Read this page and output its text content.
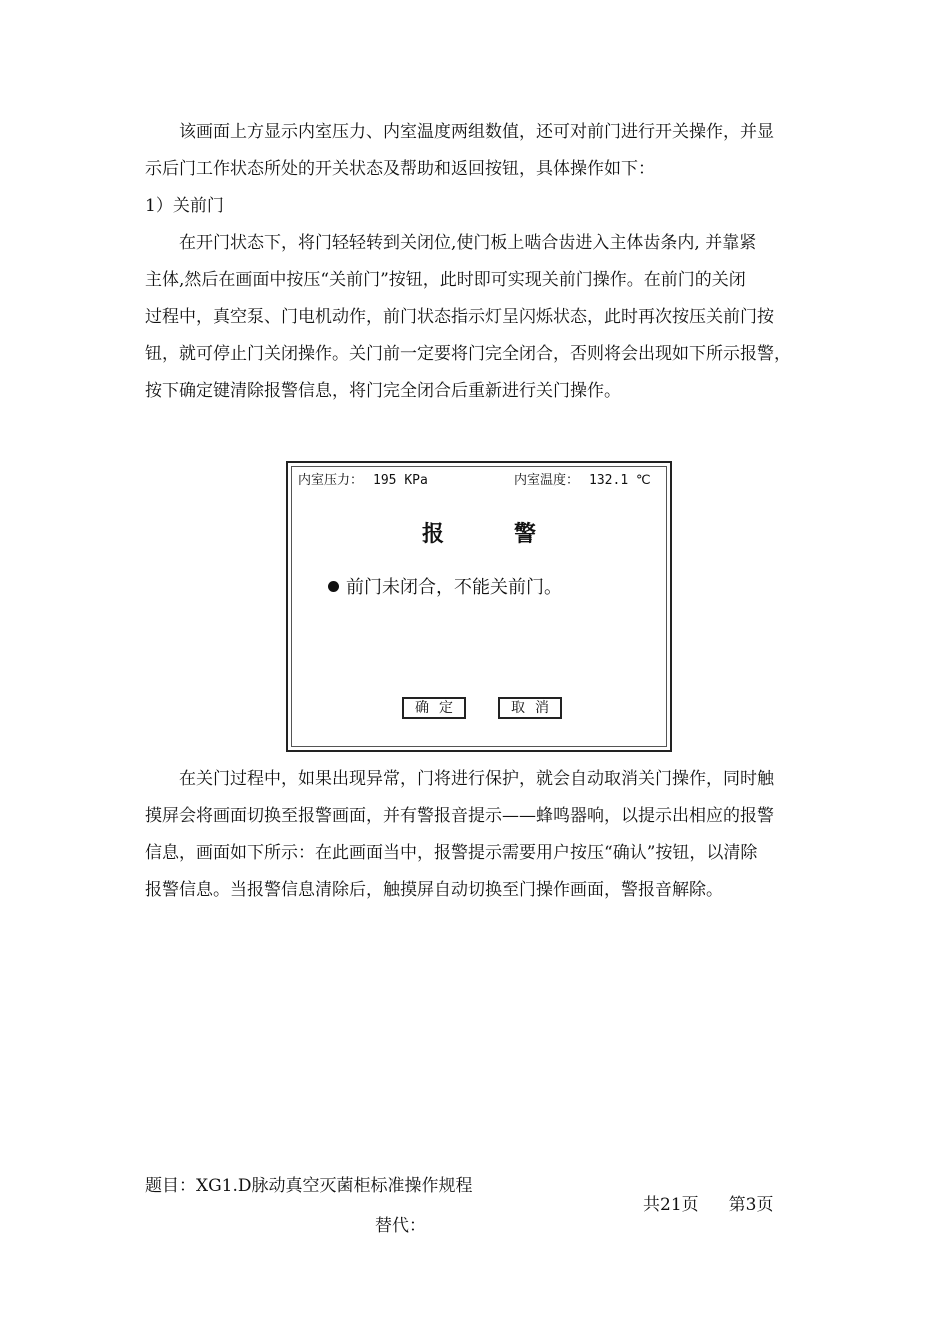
该画面上方显示内室压力、内室温度两组数值，还可对前门进行开关操作，并显
示后门工作状态所处的开关状态及帮助和返回按钮，具体操作如下：
1）关前门
在开门状态下，将门轻轻转到关闭位,使门板上啮合齿进入主体齿条内, 并靠紧
主体,然后在画面中按压“关前门”按钮，此时即可实现关前门操作。在前门的关闭
过程中，真空泵、门电机动作，前门状态指示灯呈闪烁状态，此时再次按压关前门按
钮，就可停止门关闭操作。关门前一定要将门完全闭合，否则将会出现如下所示报警，
按下确定键清除报警信息，将门完全闭合后重新进行关门操作。
内室压力： 195 KPa	内室温度： 132.1 ℃
报警
前门未闭合，不能关前门。
确定	取消
在关门过程中，如果出现异常，门将进行保护，就会自动取消关门操作，同时触
摸屏会将画面切换至报警画面，并有警报音提示——蜂鸣器响，以提示出相应的报警
信息，画面如下所示：在此画面当中，报警提示需要用户按压“确认”按钮，以清除
报警信息。当报警信息清除后，触摸屏自动切换至门操作画面，警报音解除。
题目：XG1.D脉动真空灭菌柜标准操作规程
共21页 第3页
替代：
